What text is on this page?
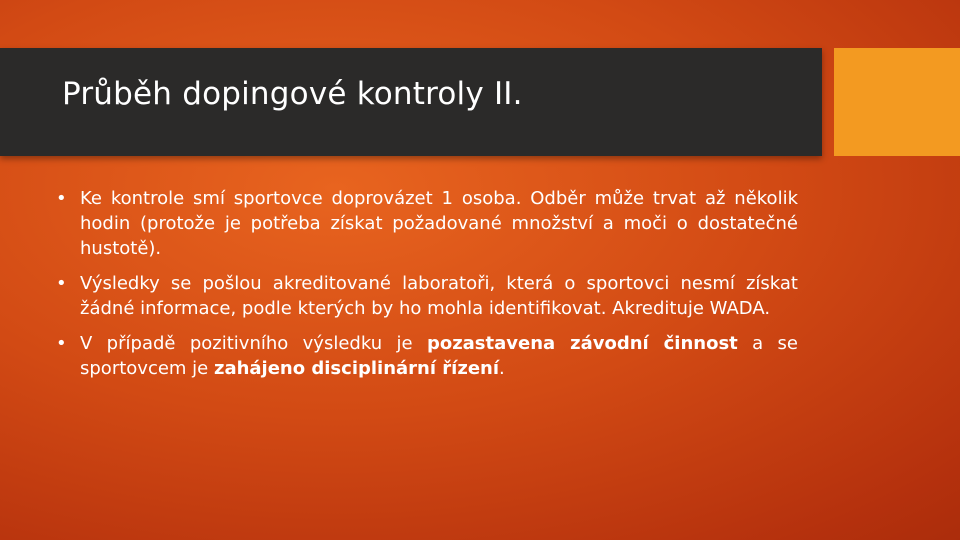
Průběh dopingové kontroly II.
• Ke kontrole smí sportovce doprovázet 1 osoba. Odběr může trvat až několik hodin (protože je potřeba získat požadované množství a moči o dostatečné hustotě).
• Výsledky se pošlou akreditované laboratoři, která o sportovci nesmí získat žádné informace, podle kterých by ho mohla identifikovat. Akredituje WADA.
• V případě pozitivního výsledku je pozastavena závodní činnost a se sportovcem je zahájeno disciplinární řízení.
